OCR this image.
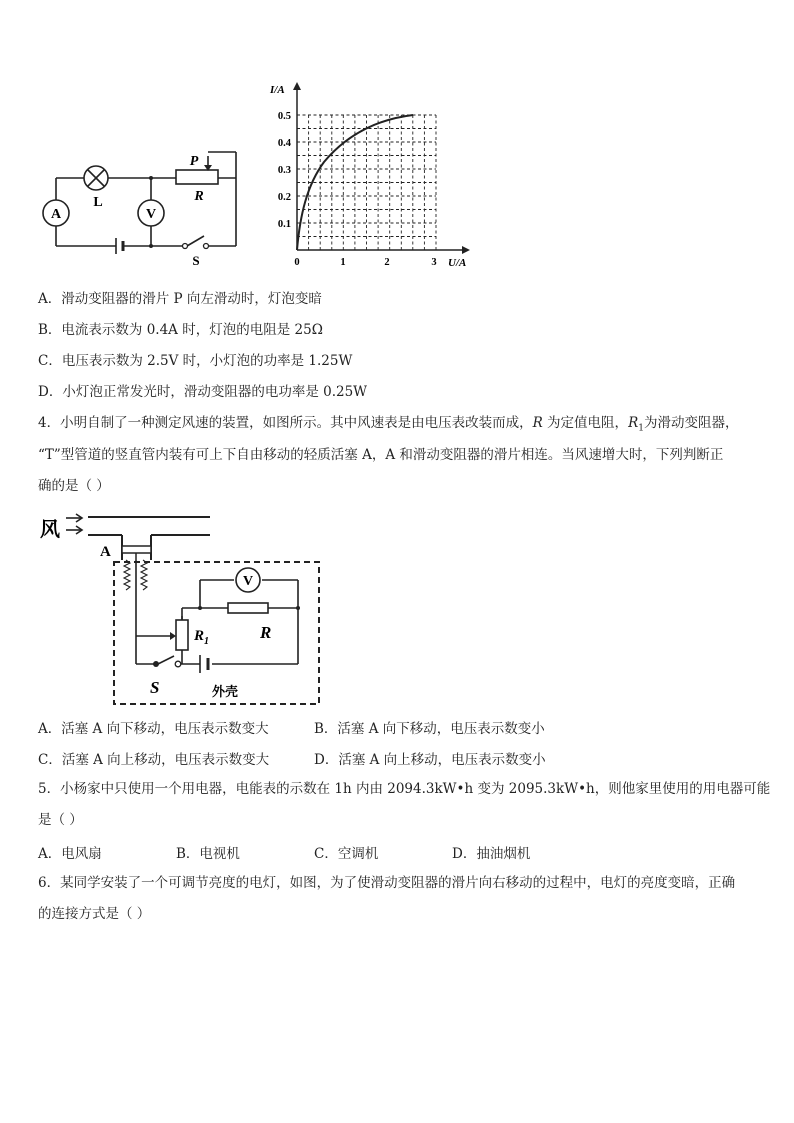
A	V
L
P
R
S
I/A
U/A
0.5
0.4
0.3
0.2
0.1
0	1	2	3
A．滑动变阻器的滑片 P 向左滑动时，灯泡变暗
B．电流表示数为 0.4A 时，灯泡的电阻是 25Ω
C．电压表示数为 2.5V 时，小灯泡的功率是 1.25W
D．小灯泡正常发光时，滑动变阻器的电功率是 0.25W
4．小明自制了一种测定风速的装置，如图所示。其中风速表是由电压表改装而成，R 为定值电阻，$R_1$为滑动变阻器，
“T”型管道的竖直管内装有可上下自由移动的轻质活塞 A，A 和滑动变阻器的滑片相连。当风速增大时，下列判断正
确的是（ ）
风
A
V
$R_1$	R
S	外壳
A．活塞 A 向下移动，电压表示数变大	B．活塞 A 向下移动，电压表示数变小
C．活塞 A 向上移动，电压表示数变大	D．活塞 A 向上移动，电压表示数变小
5．小杨家中只使用一个用电器，电能表的示数在 1h 内由 2094.3kW•h 变为 2095.3kW•h，则他家里使用的用电器可能
是（ ）
A．电风扇	B．电视机	C．空调机	D．抽油烟机
6．某同学安装了一个可调节亮度的电灯，如图，为了使滑动变阻器的滑片向右移动的过程中，电灯的亮度变暗，正确
的连接方式是（ ）
